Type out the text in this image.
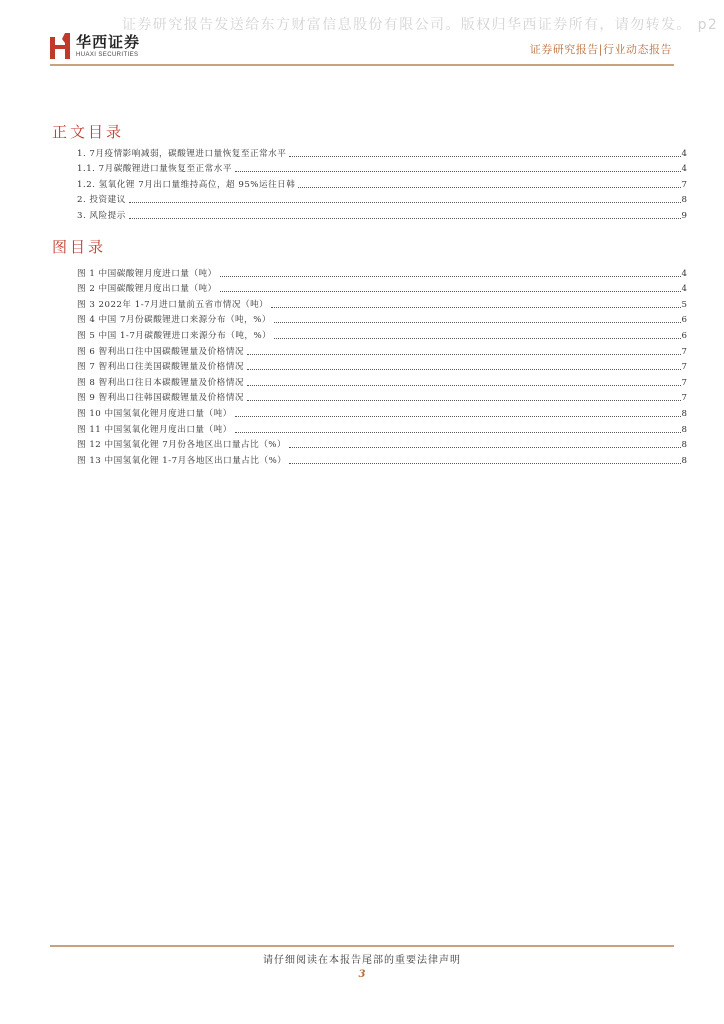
证券研究报告发送给东方财富信息股份有限公司。版权归华西证券所有，请勿转发。 p2
华西证券
HUAXI SECURITIES	证券研究报告|行业动态报告
正文目录
1. 7月疫情影响减弱，碳酸锂进口量恢复至正常水平	4
1.1. 7月碳酸锂进口量恢复至正常水平	4
1.2. 氢氧化锂 7月出口量维持高位，超 95%运往日韩	7
2. 投资建议	8
3. 风险提示	9
图目录
图 1 中国碳酸锂月度进口量（吨）	4
图 2 中国碳酸锂月度出口量（吨）	4
图 3 2022年 1-7月进口量前五省市情况（吨）	5
图 4 中国 7月份碳酸锂进口来源分布（吨，%）	6
图 5 中国 1-7月碳酸锂进口来源分布（吨，%）	6
图 6 智利出口往中国碳酸锂量及价格情况	7
图 7 智利出口往美国碳酸锂量及价格情况	7
图 8 智利出口往日本碳酸锂量及价格情况	7
图 9 智利出口往韩国碳酸锂量及价格情况	7
图 10 中国氢氧化锂月度进口量（吨）	8
图 11 中国氢氧化锂月度出口量（吨）	8
图 12 中国氢氧化锂 7月份各地区出口量占比（%）	8
图 13 中国氢氧化锂 1-7月各地区出口量占比（%）	8
请仔细阅读在本报告尾部的重要法律声明
3
